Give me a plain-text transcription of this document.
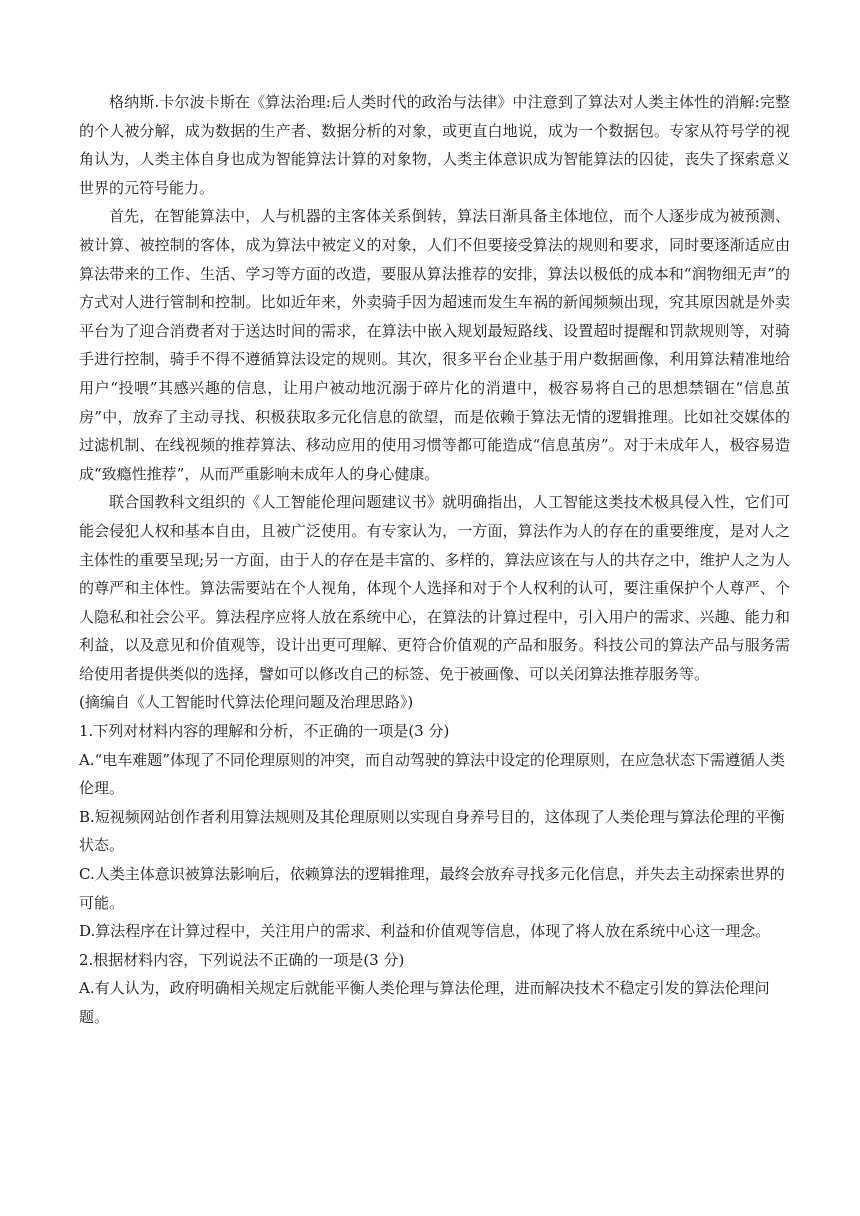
格纳斯.卡尔波卡斯在《算法治理:后人类时代的政治与法律》中注意到了算法对人类主体性的消解:完整的个人被分解，成为数据的生产者、数据分析的对象，或更直白地说，成为一个数据包。专家从符号学的视角认为，人类主体自身也成为智能算法计算的对象物，人类主体意识成为智能算法的囚徒，丧失了探索意义世界的元符号能力。

首先，在智能算法中，人与机器的主客体关系倒转，算法日渐具备主体地位，而个人逐步成为被预测、被计算、被控制的客体，成为算法中被定义的对象，人们不但要接受算法的规则和要求，同时要逐渐适应由算法带来的工作、生活、学习等方面的改造，要服从算法推荐的安排，算法以极低的成本和“润物细无声”的方式对人进行管制和控制。比如近年来，外卖骑手因为超速而发生车祸的新闻频频出现，究其原因就是外卖平台为了迎合消费者对于送达时间的需求，在算法中嵌入规划最短路线、设置超时提醒和罚款规则等，对骑手进行控制，骑手不得不遵循算法设定的规则。其次，很多平台企业基于用户数据画像，利用算法精准地给用户“投喂”其感兴趣的信息，让用户被动地沉溺于碎片化的消遣中，极容易将自己的思想禁锢在“信息茧房”中，放弃了主动寻找、积极获取多元化信息的欲望，而是依赖于算法无情的逻辑推理。比如社交媒体的过滤机制、在线视频的推荐算法、移动应用的使用习惯等都可能造成“信息茧房”。对于未成年人，极容易造成“致瘾性推荐”，从而严重影响未成年人的身心健康。

联合国教科文组织的《人工智能伦理问题建议书》就明确指出，人工智能这类技术极具侵入性，它们可能会侵犯人权和基本自由，且被广泛使用。有专家认为，一方面，算法作为人的存在的重要维度，是对人之主体性的重要呈现;另一方面，由于人的存在是丰富的、多样的，算法应该在与人的共存之中，维护人之为人的尊严和主体性。算法需要站在个人视角，体现个人选择和对于个人权利的认可，要注重保护个人尊严、个人隐私和社会公平。算法程序应将人放在系统中心，在算法的计算过程中，引入用户的需求、兴趣、能力和利益，以及意见和价值观等，设计出更可理解、更符合价值观的产品和服务。科技公司的算法产品与服务需给使用者提供类似的选择，譬如可以修改自己的标签、免于被画像、可以关闭算法推荐服务等。

(摘编自《人工智能时代算法伦理问题及治理思路》)

1.下列对材料内容的理解和分析，不正确的一项是(3 分)

A.“电车难题”体现了不同伦理原则的冲突，而自动驾驶的算法中设定的伦理原则，在应急状态下需遵循人类伦理。

B.短视频网站创作者利用算法规则及其伦理原则以实现自身养号目的，这体现了人类伦理与算法伦理的平衡状态。

C.人类主体意识被算法影响后，依赖算法的逻辑推理，最终会放弃寻找多元化信息，并失去主动探索世界的可能。

D.算法程序在计算过程中，关注用户的需求、利益和价值观等信息，体现了将人放在系统中心这一理念。

2.根据材料内容，下列说法不正确的一项是(3 分)

A.有人认为，政府明确相关规定后就能平衡人类伦理与算法伦理，进而解决技术不稳定引发的算法伦理问题。
